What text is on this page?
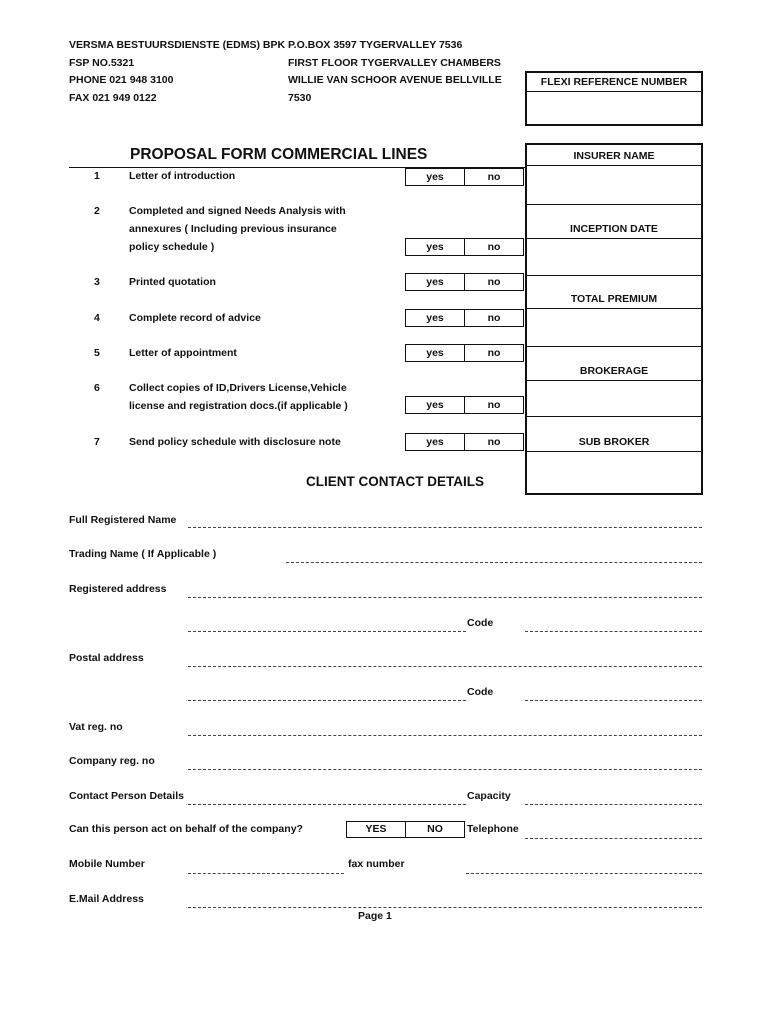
VERSMA BESTUURSDIENSTE (EDMS) BPK
FSP NO.5321
PHONE 021 948 3100
FAX 021 949 0122
P.O.BOX 3597 TYGERVALLEY 7536
FIRST FLOOR TYGERVALLEY CHAMBERS
WILLIE VAN SCHOOR AVENUE BELLVILLE
7530
FLEXI REFERENCE NUMBER
INSURER NAME
INCEPTION DATE
TOTAL PREMIUM
BROKERAGE
SUB BROKER
PROPOSAL FORM COMMERCIAL LINES
1	Letter of introduction	yes	no
2	Completed and signed Needs Analysis with
annexures ( Including previous insurance
policy schedule )	yes	no
3	Printed quotation	yes	no
4	Complete record of advice	yes	no
5	Letter of appointment	yes	no
6	Collect copies of ID,Drivers License,Vehicle
license and registration docs.(if applicable )	yes	no
7	Send policy schedule with disclosure note	yes	no
CLIENT CONTACT DETAILS
Full Registered Name
Trading Name ( If Applicable )
Registered address
Code
Postal address
Code
Vat reg. no
Company reg. no
Contact Person Details	Capacity
Can this person act on behalf of the company?	YES	NO	Telephone
Mobile Number	fax number
E.Mail Address
Page 1
